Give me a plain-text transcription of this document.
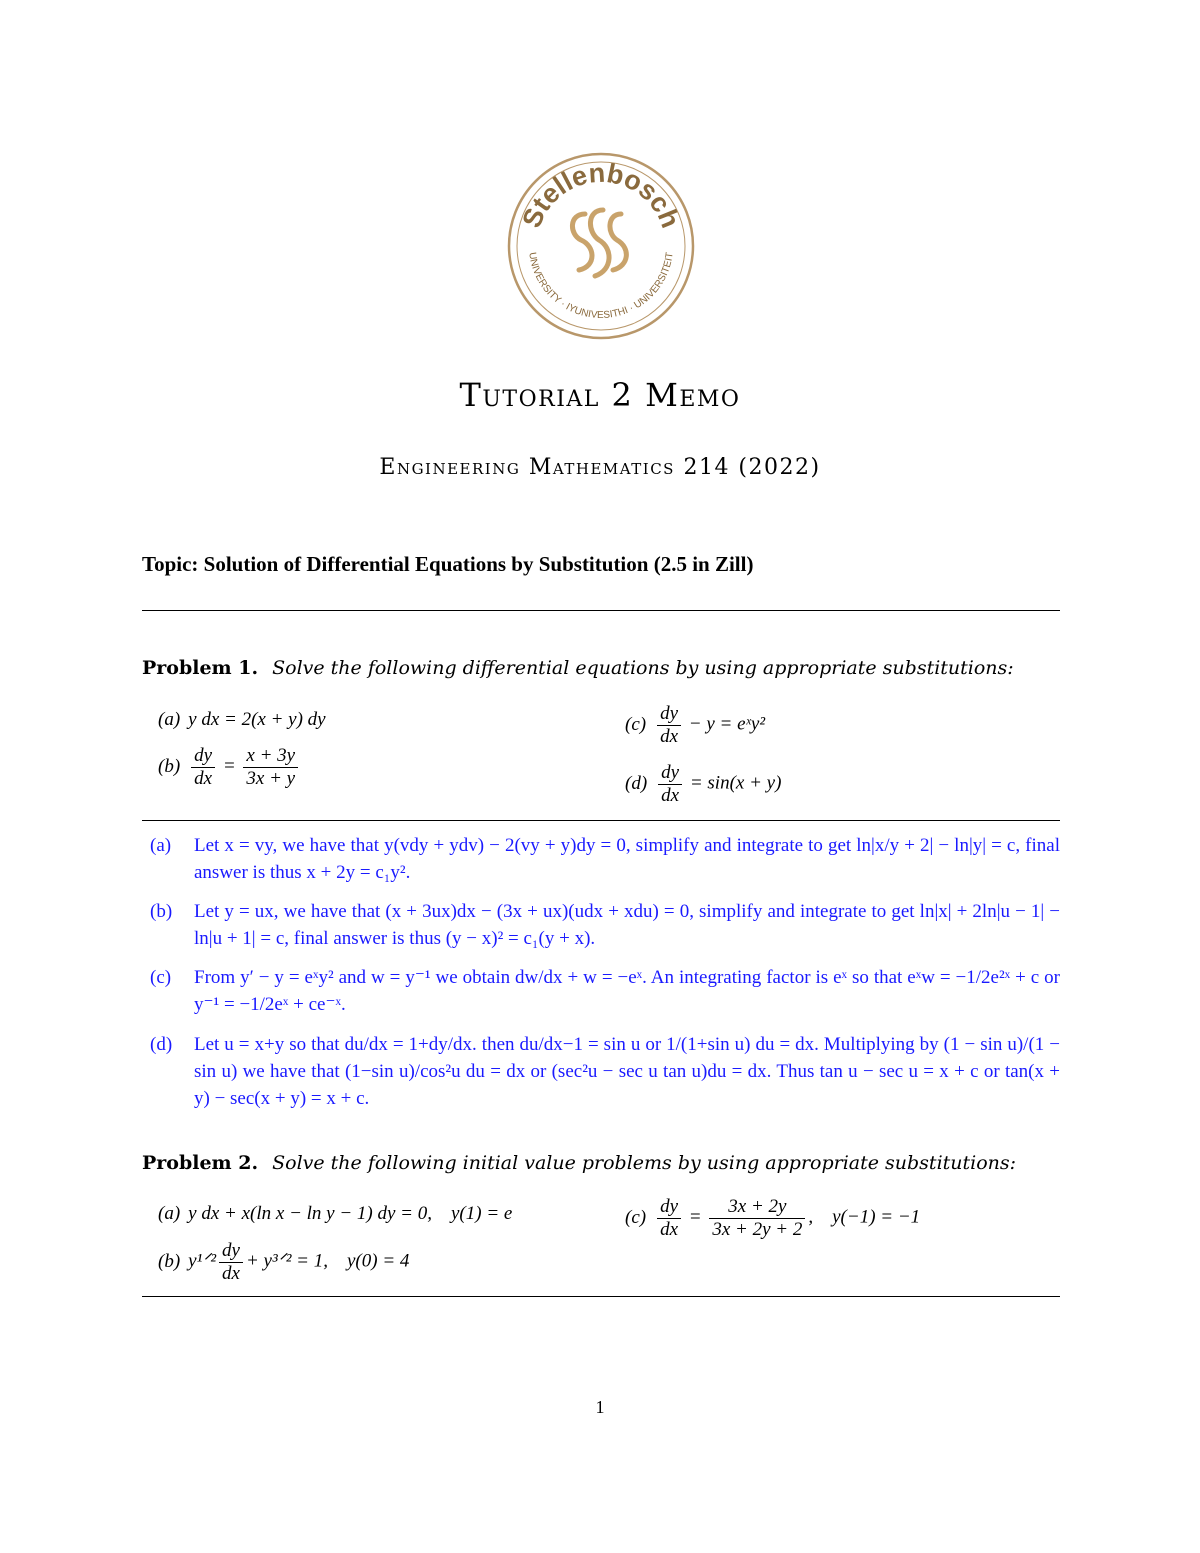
Stellenbosch
UNIVERSITY · IYUNIVESITHI · UNIVERSITEIT
Tutorial 2 Memo
Engineering Mathematics 214 (2022)
Topic: Solution of Differential Equations by Substitution (2.5 in Zill)
Problem 1. Solve the following differential equations by using appropriate substitutions:
(a) y dx = 2(x + y) dy
$(b) \frac{dy}{dx} = \frac{x + 3y}{3x + y}$
$(c) \frac{dy}{dx} - y$ = eˣy²
$(d) \frac{dy}{dx} = \sin(x + y)$
(a) Let x = vy, we have that y(vdy + ydv) − 2(vy + y)dy = 0, simplify and integrate to get ln|x/y + 2| − ln|y| = c, final answer is thus x + 2y = c₁y².
(b) Let y = ux, we have that (x + 3ux)dx − (3x + ux)(udx + xdu) = 0, simplify and integrate to get ln|x| + 2ln|u − 1| − ln|u + 1| = c, final answer is thus (y − x)² = c₁(y + x).
(c) From y′ − y = eˣy² and w = y⁻¹ we obtain dw/dx + w = −eˣ. An integrating factor is eˣ so that eˣw = −1/2e²ˣ + c or y⁻¹ = −1/2eˣ + ce⁻ˣ.
(d) Let u = x+y so that du/dx = 1+dy/dx. then du/dx−1 = sin u or 1/(1+sin u) du = dx. Multiplying by (1 − sin u)/(1 − sin u) we have that (1−sin u)/cos²u du = dx or (sec²u − sec u tan u)du = dx. Thus tan u − sec u = x + c or tan(x + y) − sec(x + y) = x + c.
Problem 2. Solve the following initial value problems by using appropriate substitutions:
(a) y dx + x(ln x − ln y − 1) dy = 0,    y(1) = e
(b) y¹ᐟ² $\frac{dy}{dx}$ + y³ᐟ² = 1,    y(0) = 4
$(c) \frac{dy}{dx} = \frac{3x + 2y}{3x + 2y + 2}$ ,    y(−1) = −1
1
